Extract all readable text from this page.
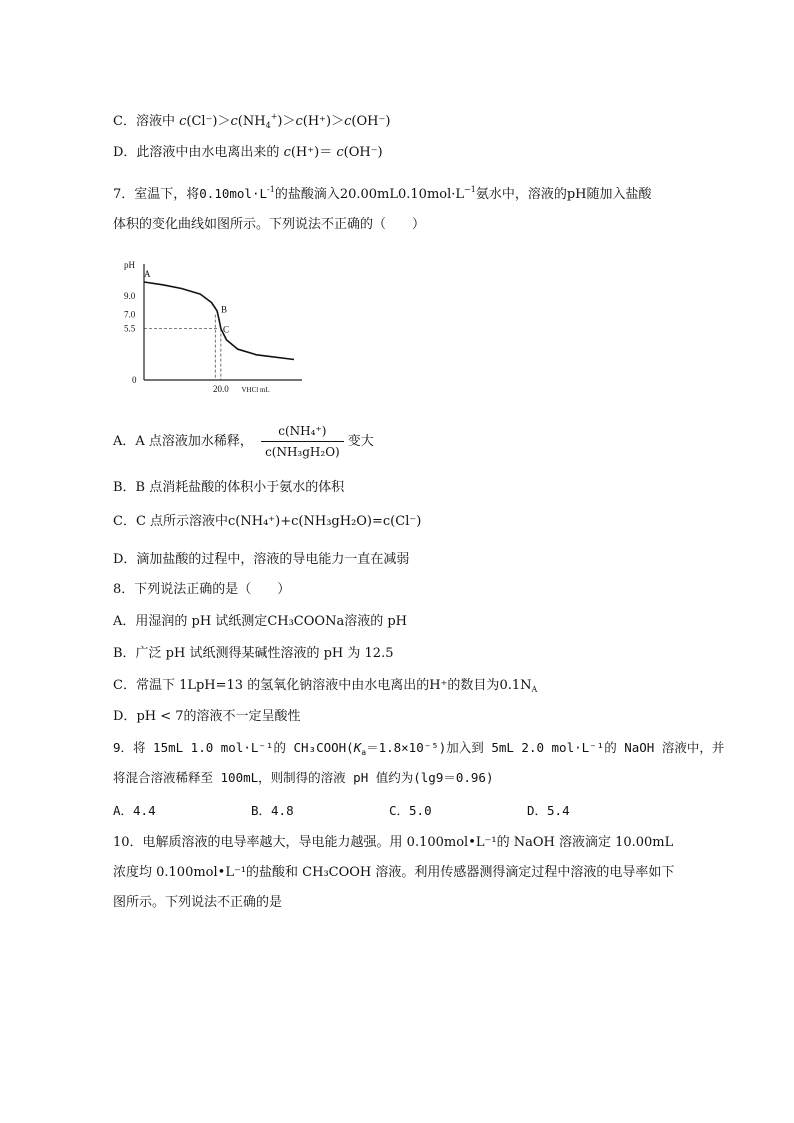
C．溶液中 $c(Cl^-)>c(NH_4^+)>c(H^+)>c(OH^-)$
D．此溶液中由水电离出来的 c(H⁺)＝ c(OH⁻)
7．室温下，将$0.10mol\cdot L^{-1}$的盐酸滴入$20.00mL0.10mol\cdot L^{-1}$氨水中，溶液的pH随加入盐酸
体积的变化曲线如图所示。下列说法不正确的（　　）
pH
VHCl mL
9.0
7.0
5.5
0
20.0
A
B
C
A．A 点溶液加水稀释， $\frac{\text{c(NH₄⁺)}}{\text{c(NH₃gH₂O)}}$ 变大
B．B 点消耗盐酸的体积小于氨水的体积
C．C 点所示溶液中c(NH₄⁺)+c(NH₃gH₂O)=c(Cl⁻)
D．滴加盐酸的过程中，溶液的导电能力一直在减弱
8．下列说法正确的是（　　）
A．用湿润的 pH 试纸测定CH₃COONa溶液的 pH
B．广泛 pH 试纸测得某碱性溶液的 pH 为 12.5
C．常温下 1LpH=13 的氢氧化钠溶液中由水电离出的H⁺的数目为$0.1N_A$
D．pH < 7的溶液不一定呈酸性
9．将 15mL 1.0 mol·L⁻¹的 $CH_3COOH(K_a=1.8\times 10^{-5})$加入到 5mL 2.0 mol·L⁻¹的 NaOH 溶液中，并
将混合溶液稀释至 100mL，则制得的溶液 pH 值约为(lg9＝0.96)
A．4.4	B．4.8	C．5.0	D．5.4
10．电解质溶液的电导率越大，导电能力越强。用 0.100mol•L⁻¹的 NaOH 溶液滴定 10.00mL
浓度均 0.100mol•L⁻¹的盐酸和 CH₃COOH 溶液。利用传感器测得滴定过程中溶液的电导率如下
图所示。下列说法不正确的是
